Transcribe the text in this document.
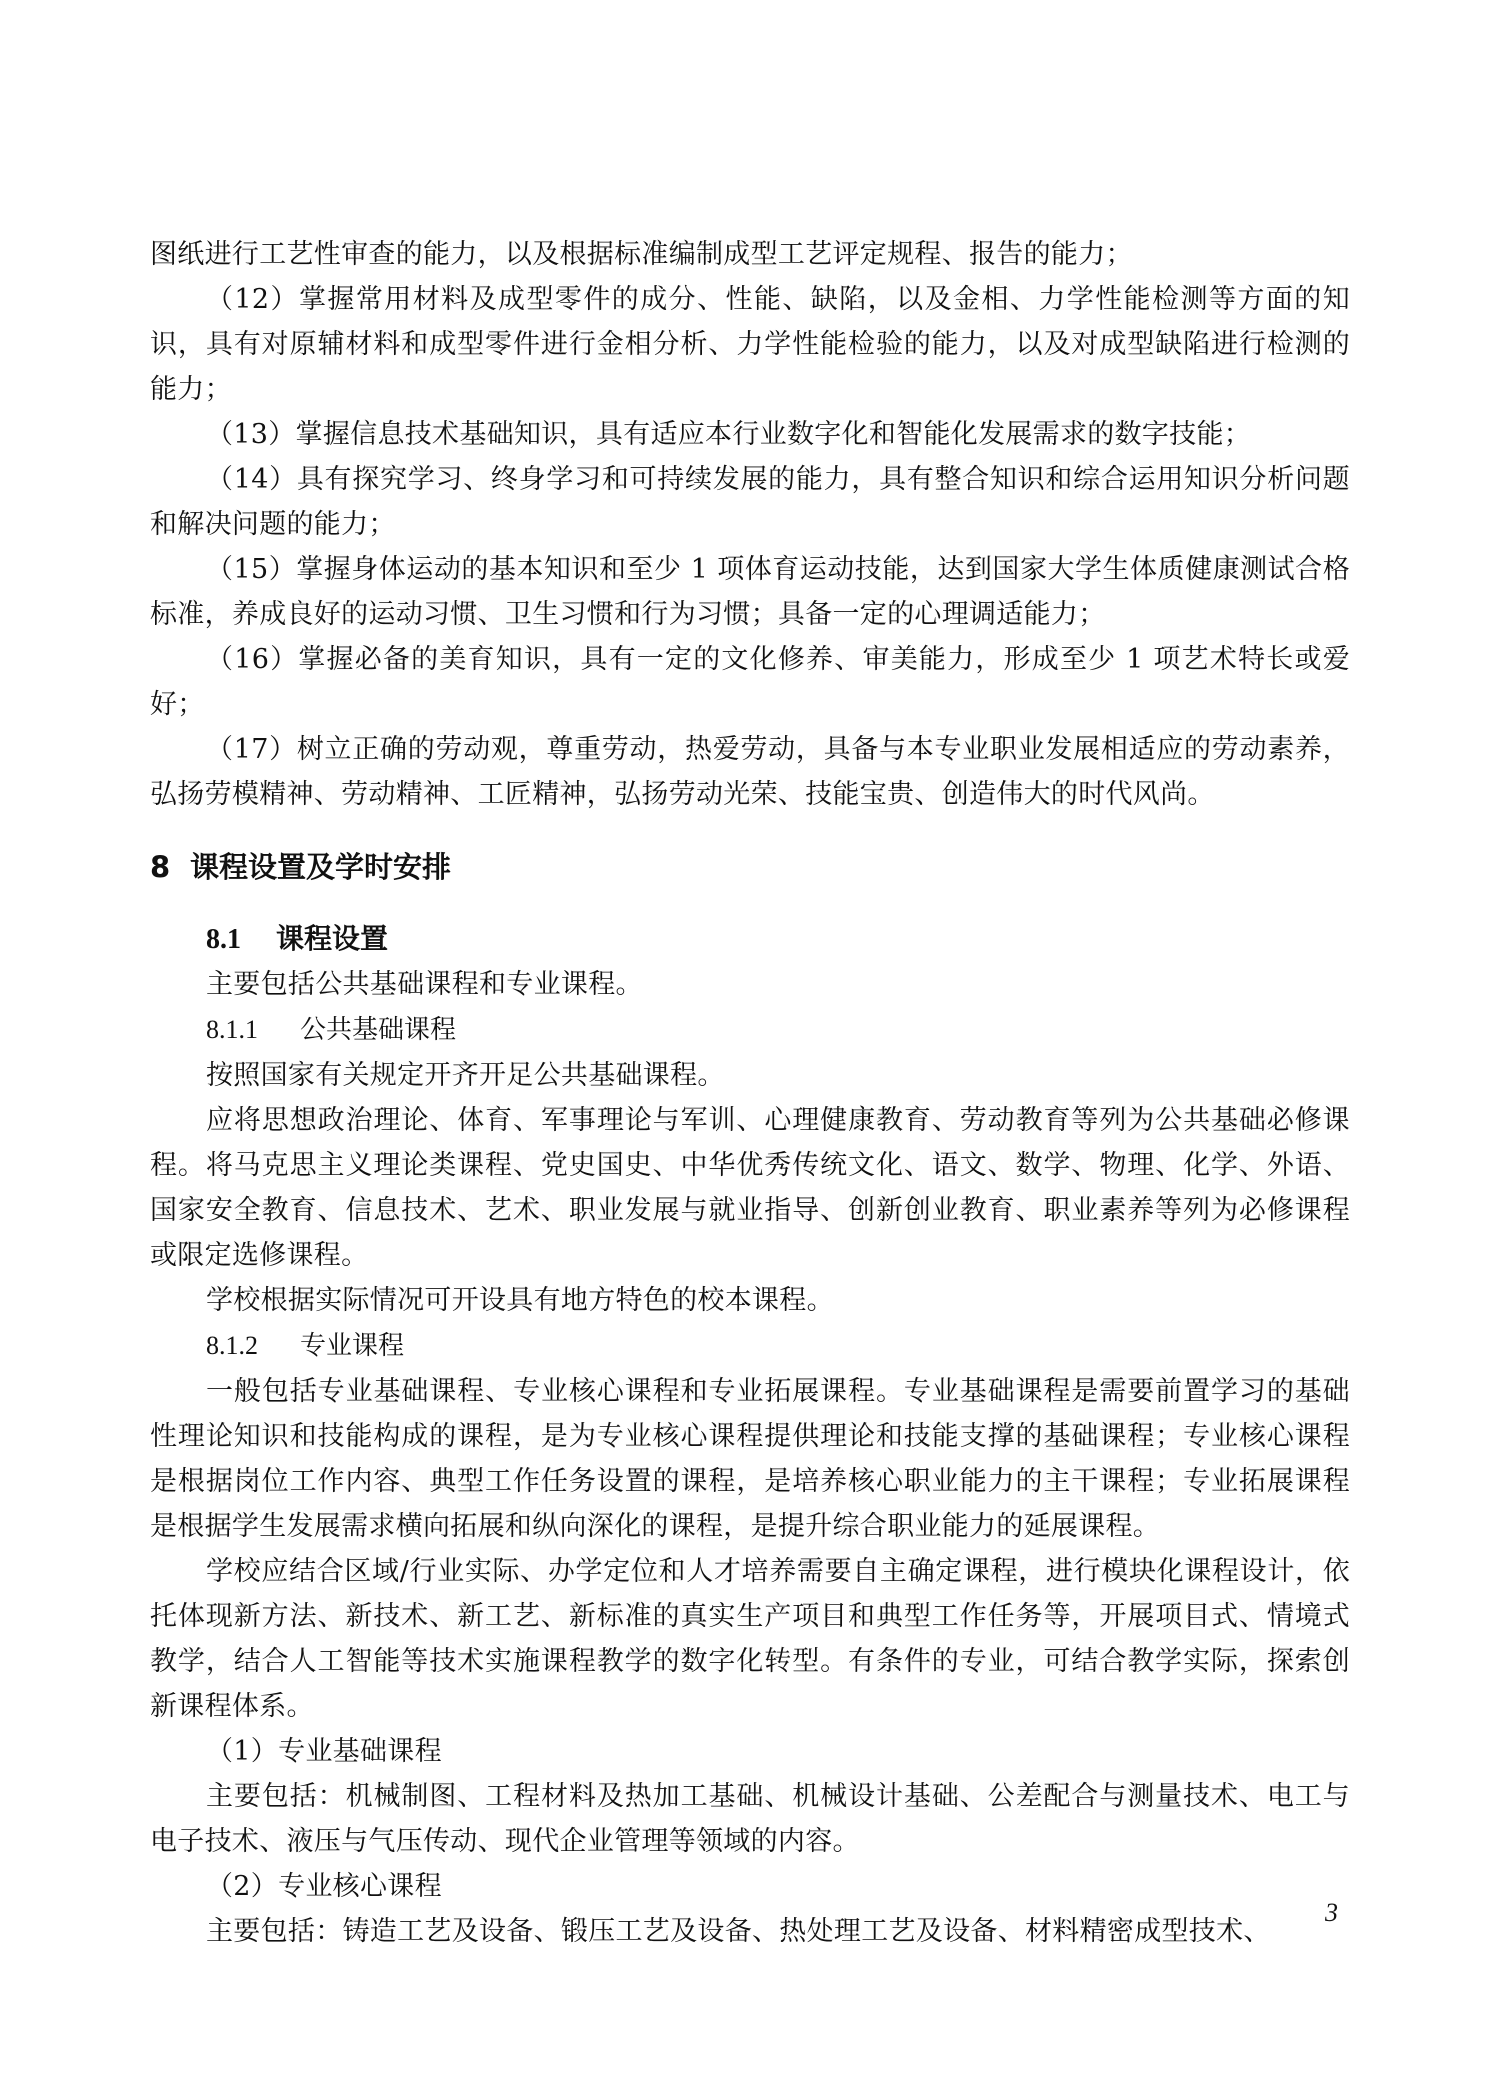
图纸进行工艺性审查的能力，以及根据标准编制成型工艺评定规程、报告的能力；

（12）掌握常用材料及成型零件的成分、性能、缺陷，以及金相、力学性能检测等方面的知识，具有对原辅材料和成型零件进行金相分析、力学性能检验的能力，以及对成型缺陷进行检测的能力；

（13）掌握信息技术基础知识，具有适应本行业数字化和智能化发展需求的数字技能；

（14）具有探究学习、终身学习和可持续发展的能力，具有整合知识和综合运用知识分析问题和解决问题的能力；

（15）掌握身体运动的基本知识和至少 1 项体育运动技能，达到国家大学生体质健康测试合格标准，养成良好的运动习惯、卫生习惯和行为习惯；具备一定的心理调适能力；

（16）掌握必备的美育知识，具有一定的文化修养、审美能力，形成至少 1 项艺术特长或爱好；

（17）树立正确的劳动观，尊重劳动，热爱劳动，具备与本专业职业发展相适应的劳动素养，弘扬劳模精神、劳动精神、工匠精神，弘扬劳动光荣、技能宝贵、创造伟大的时代风尚。

8 课程设置及学时安排
8.1 课程设置

主要包括公共基础课程和专业课程。

8.1.1 公共基础课程

按照国家有关规定开齐开足公共基础课程。

应将思想政治理论、体育、军事理论与军训、心理健康教育、劳动教育等列为公共基础必修课程。将马克思主义理论类课程、党史国史、中华优秀传统文化、语文、数学、物理、化学、外语、国家安全教育、信息技术、艺术、职业发展与就业指导、创新创业教育、职业素养等列为必修课程或限定选修课程。

学校根据实际情况可开设具有地方特色的校本课程。

8.1.2 专业课程

一般包括专业基础课程、专业核心课程和专业拓展课程。专业基础课程是需要前置学习的基础性理论知识和技能构成的课程，是为专业核心课程提供理论和技能支撑的基础课程；专业核心课程是根据岗位工作内容、典型工作任务设置的课程，是培养核心职业能力的主干课程；专业拓展课程是根据学生发展需求横向拓展和纵向深化的课程，是提升综合职业能力的延展课程。

学校应结合区域/行业实际、办学定位和人才培养需要自主确定课程，进行模块化课程设计，依托体现新方法、新技术、新工艺、新标准的真实生产项目和典型工作任务等，开展项目式、情境式教学，结合人工智能等技术实施课程教学的数字化转型。有条件的专业，可结合教学实际，探索创新课程体系。

（1）专业基础课程

主要包括：机械制图、工程材料及热加工基础、机械设计基础、公差配合与测量技术、电工与电子技术、液压与气压传动、现代企业管理等领域的内容。

（2）专业核心课程

主要包括：铸造工艺及设备、锻压工艺及设备、热处理工艺及设备、材料精密成型技术、

3
